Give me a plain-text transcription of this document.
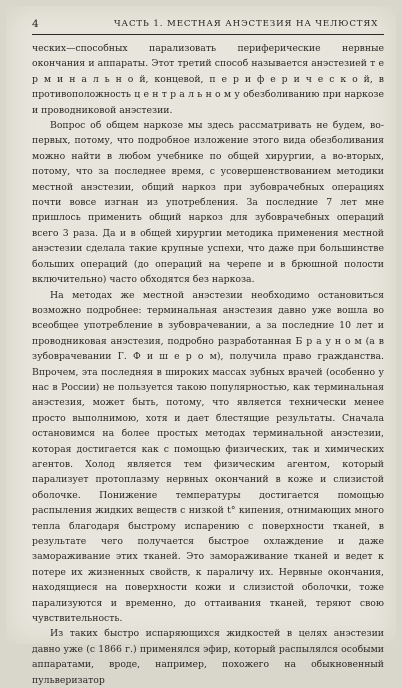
4	ЧАСТЬ 1. МЕСТНАЯ АНЭСТЕЗИЯ НА ЧЕЛЮСТЯХ

ческих—способных парализовать периферические нервные окончания и аппараты. Этот третий способ называется анэстезией т е р м и н а л ь н о й, концевой, п е р и ф е р и ч е с к о й, в противоположность ц е н т р а л ь н о м у обезболиванию при наркозе и проводниковой анэстезии.

Вопрос об общем наркозе мы здесь рассматривать не будем, во-первых, потому, что подробное изложение этого вида обезболивания можно найти в любом учебнике по общей хирургии, а во-вторых, потому, что за последнее время, с усовершенствованием методики местной анэстезии, общий наркоз при зубоврачебных операциях почти вовсе изгнан из употребления. За последние 7 лет мне пришлось применить общий наркоз для зубоврачебных операций всего 3 раза. Да и в общей хирургии методика применения местной анэстезии сделала такие крупные успехи, что даже при большинстве больших операций (до операций на черепе и в брюшной полости включительно) часто обходятся без наркоза.

На методах же местной анэстезии необходимо остановиться возможно подробнее: терминальная анэстезия давно уже вошла во всеобщее употребление в зубоврачевании, а за последние 10 лет и проводниковая анэстезия, подробно разработанная Б р а у н о м (а в зубоврачевании Г. Ф и ш е р о м), получила право гражданства. Впрочем, эта последняя в широких массах зубных врачей (особенно у нас в России) не пользуется такою популярностью, как терминальная анэстезия, может быть, потому, что является технически менее просто выполнимою, хотя и дает блестящие результаты. Сначала остановимся на более простых методах терминальной анэстезии, которая достигается как с помощью физических, так и химических агентов. Холод является тем физическим агентом, который парализует протоплазму нервных окончаний в коже и слизистой оболочке. Понижение температуры достигается помощью распыления жидких веществ с низкой t° кипения, отнимающих много тепла благодаря быстрому испарению с поверхности тканей, в результате чего получается быстрое охлаждение и даже замораживание этих тканей. Это замораживание тканей и ведет к потере их жизненных свойств, к параличу их. Нервные окончания, находящиеся на поверхности кожи и слизистой оболочки, тоже парализуются и временно, до оттаивания тканей, теряют свою чувствительность.

Из таких быстро испаряющихся жидкостей в целях анэстезии давно уже (с 1866 г.) применялся эфир, который распылялся особыми аппаратами, вроде, например, похожего на обыкновенный пульверизатор
